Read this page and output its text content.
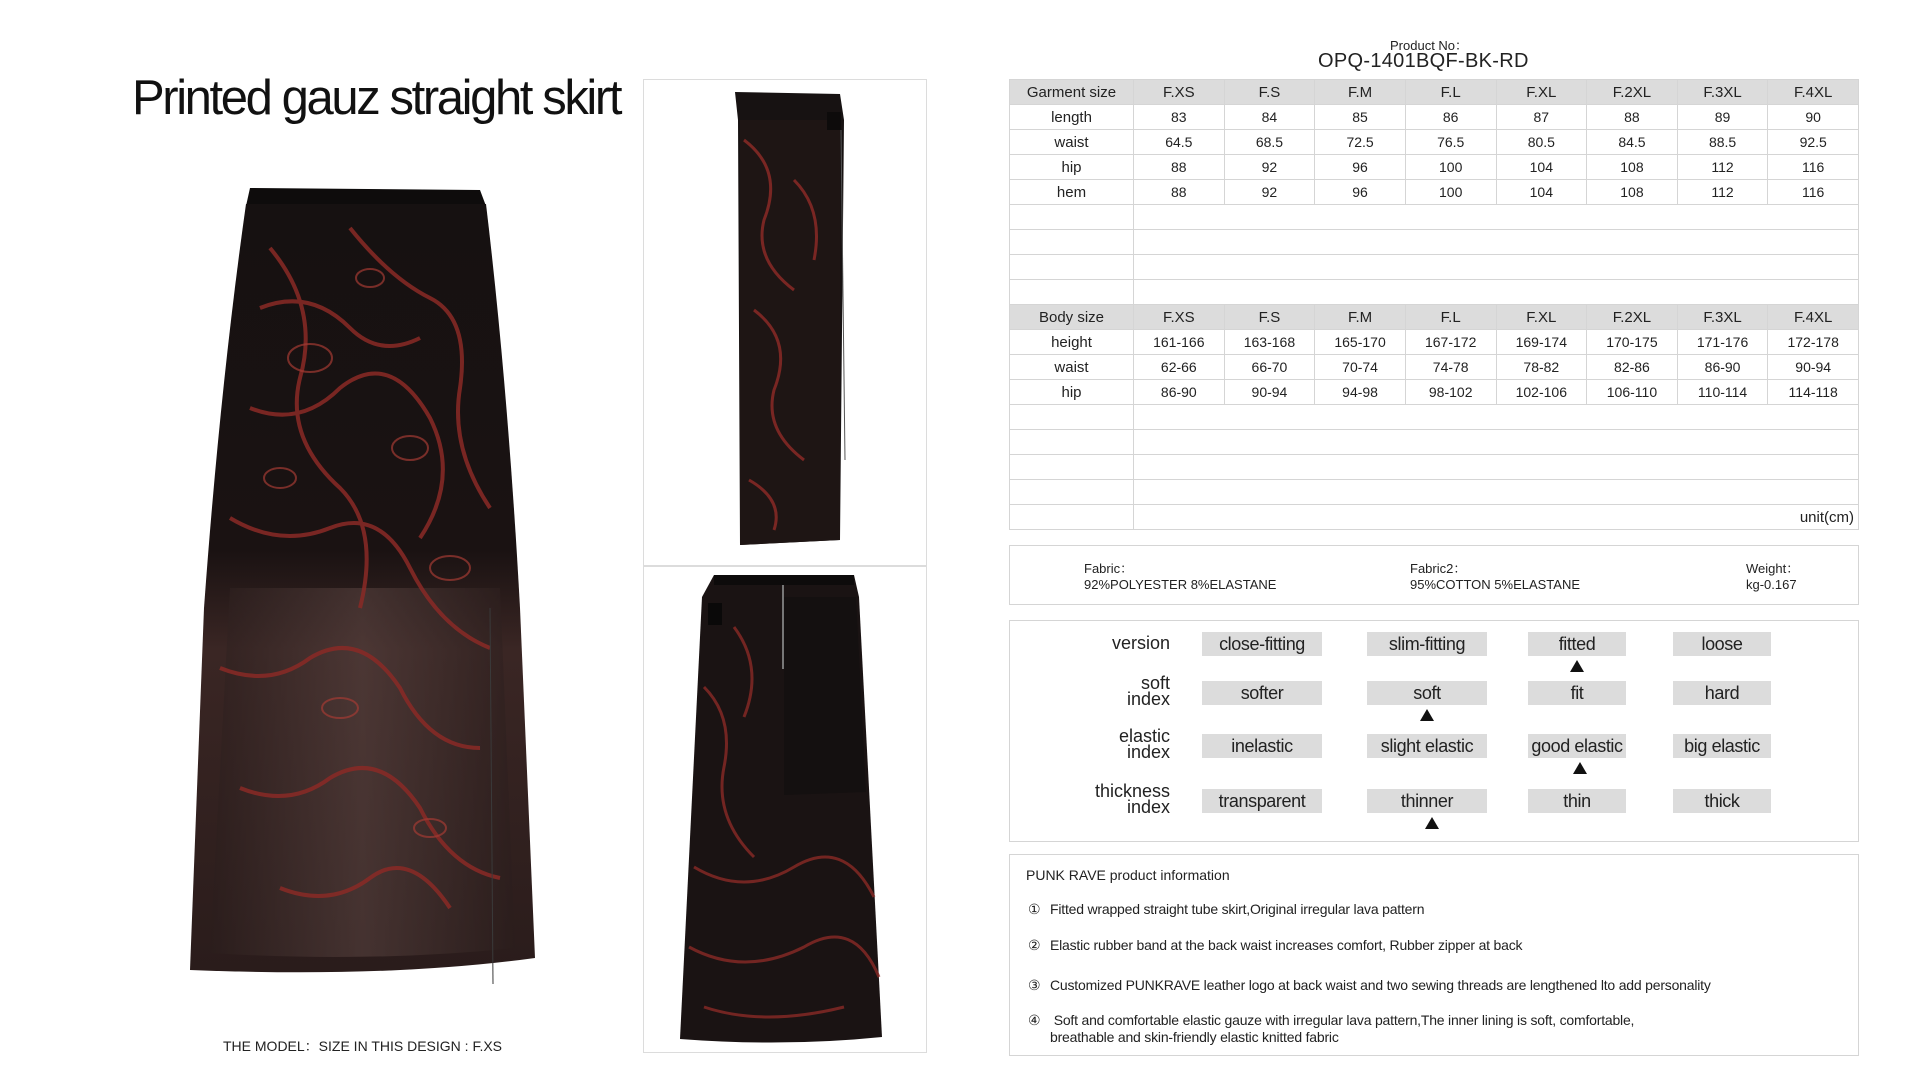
Printed gauz straight skirt
THE MODEL：SIZE IN THIS DESIGN : F.XS
Product No：
OPQ-1401BQF-BK-RD
Garment size	F.XS	F.S	F.M	F.L	F.XL	F.2XL	F.3XL	F.4XL
length	83	84	85	86	87	88	89	90
waist	64.5	68.5	72.5	76.5	80.5	84.5	88.5	92.5
hip	88	92	96	100	104	108	112	116
hem	88	92	96	100	104	108	112	116

Body size	F.XS	F.S	F.M	F.L	F.XL	F.2XL	F.3XL	F.4XL
height	161-166	163-168	165-170	167-172	169-174	170-175	171-176	172-178
waist	62-66	66-70	70-74	74-78	78-82	82-86	86-90	90-94
hip	86-90	90-94	94-98	98-102	102-106	106-110	110-114	114-118

	unit(cm)							
Fabric：
92%POLYESTER 8%ELASTANE
Fabric2：
95%COTTON 5%ELASTANE
Weight：
kg-0.167
version	close-fitting	slim-fitting	fitted	loose
soft
index	softer	soft	fit	hard
elastic
index	inelastic	slight elastic	good elastic	big elastic
thickness
index	transparent	thinner	thin	thick
PUNK RAVE product information
① Fitted wrapped straight tube skirt,Original irregular lava pattern
② Elastic rubber band at the back waist increases comfort, Rubber zipper at back
③ Customized PUNKRAVE leather logo at back waist and two sewing threads are lengthened lto add personality
④ Soft and comfortable elastic gauze with irregular lava pattern,The inner lining is soft, comfortable,
breathable and skin-friendly elastic knitted fabric
